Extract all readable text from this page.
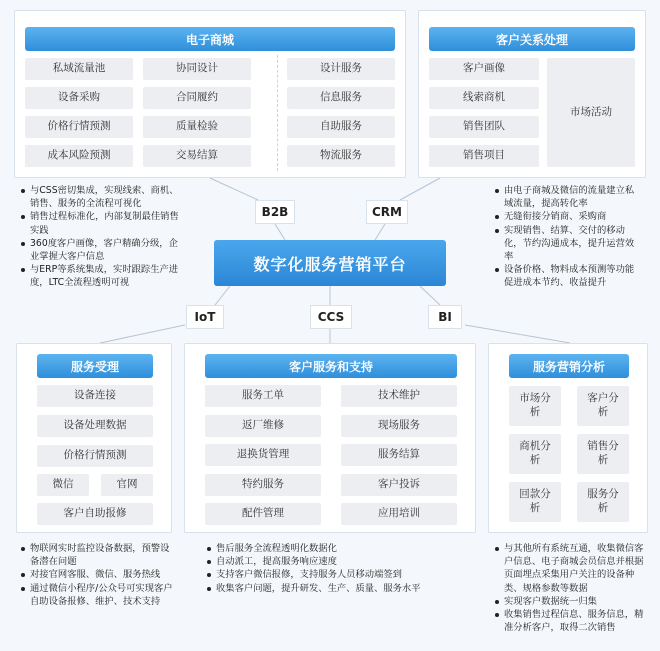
电子商城
私域流量池
设备采购
价格行情预测
成本风险预测
协同设计
合同履约
质量检验
交易结算
设计服务
信息服务
自助服务
物流服务
客户关系处理
客户画像
线索商机
销售团队
销售项目
市场活动
与CSS密切集成，实现线索、商机、销售、服务的全流程可视化
销售过程标准化，内部复制最佳销售实践
360度客户画像，客户精确分级，企业掌握大客户信息
与ERP等系统集成，实时跟踪生产进度，LTC全流程透明可视
由电子商城及微信的流量建立私域流量，提高转化率
无缝衔接分销商、采购商
实现销售、结算、交付的移动化，节约沟通成本，提升运营效率
设备价格、物料成本预测等功能促进成本节约、收益提升
B2B	CRM
数字化服务营销平台
IoT	CCS	BI
服务受理
设备连接
设备处理数据
价格行情预测
微信	官网
客户自助报修
客户服务和支持
服务工单
返厂维修
退换货管理
特约服务
配件管理
技术维护
现场服务
服务结算
客户投诉
应用培训
服务营销分析
市场分析
客户分析
商机分析
销售分析
回款分析
服务分析
物联网实时监控设备数据，预警设备潜在问题
对接官网客服、微信、服务热线
通过微信小程序/公众号可实现客户自助设备报修、维护、技术支持
售后服务全流程透明化数据化
自动派工，提高服务响应速度
支持客户微信报修，支持服务人员移动端签到
收集客户问题，提升研发、生产、质量、服务水平
与其他所有系统互通，收集微信客户信息、电子商城会员信息并根据页面埋点采集用户关注的设备种类、规格参数等数据
实现客户数据统一归集
收集销售过程信息、服务信息，精准分析客户，取得二次销售
